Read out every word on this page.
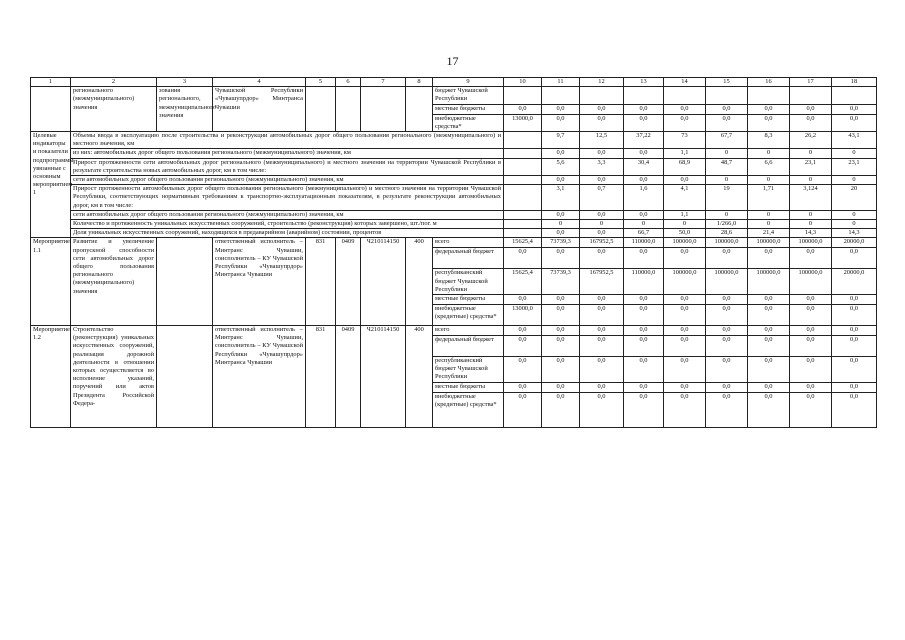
17
1	2	3	4	5	6	7	8	9	10	11	12	13	14	15	16	17	18	
	регионального (межмуниципального) значения	зования регионального, межмуниципального значения	Чувашской Республики «Чувашупрдор» Минтранса Чувашии					бюджет Чувашской Республики										
								местные бюджеты	0,0	0,0	0,0	0,0	0,0	0,0	0,0	0,0	0,0	
								внебюджетные средства*	13000,0	0,0	0,0	0,0	0,0	0,0	0,0	0,0	0,0	
Целевые индикаторы и показатели подпрограммы, увязанные с основным мероприятием 1	Объемы ввода в эксплуатацию после строительства и реконструкции автомобильных дорог общего пользования регионального (межмуниципального) и местного значения, км									9,7	12,5	37,22	73	67,7	8,3	26,2	43,1	
	из них: автомобильных дорог общего пользования регионального (межмуниципального) значения, км									0,0	0,0	0,0	1,1	0	0	0	0	
	Прирост протяженности сети автомобильных дорог регионального (межмуниципального) и местного значения на территории Чувашской Республики в результате строительства новых автомобильных дорог, км в том числе:									5,6	3,3	30,4	68,9	48,7	6,6	23,1	23,1	
	сети автомобильных дорог общего пользования регионального (межмуниципального) значения, км									0,0	0,0	0,0	0,0	0	0	0	0	
	Прирост протяженности автомобильных дорог общего пользования регионального (межмуниципального) и местного значения на территории Чувашской Республики, соответствующих нормативным требованиям к транспортно-эксплуатационным показателям, в результате реконструкции автомобильных дорог, км в том числе:									3,1	0,7	1,6	4,1	19	1,71	3,124	20	
	сети автомобильных дорог общего пользования регионального (межмуниципального) значения, км									0,0	0,0	0,0	1,1	0	0	0	0	
	Количество и протяженность уникальных искусственных сооружений, строительство (реконструкция) которых завершено, шт./пог. м									0	0	0	0	1/266,0	0	0	0	
	Доля уникальных искусственных сооружений, находящихся в предаварийном (аварийном) состоянии, процентов									0,0	0,0	66,7	50,0	28,6	21,4	14,3	14,3	
Мероприятие 1.1	Развитие и увеличение пропускной способности сети автомобильных дорог общего пользования регионального (межмуниципального) значения		ответственный исполнитель – Минтранс Чувашии, соисполнитель – КУ Чувашской Республики «Чувашупрдор» Минтранса Чувашии	831	0409	Ч210114150	400	всего	15625,4	73739,3	167952,5	110000,0	100000,0	100000,0	100000,0	100000,0	20000,0	
								федеральный бюджет	0,0	0,0	0,0	0,0	0,0	0,0	0,0	0,0	0,0	
								республиканский бюджет Чувашской Республики	15625,4	73739,3	167952,5	110000,0	100000,0	100000,0	100000,0	100000,0	20000,0	
								местные бюджеты	0,0	0,0	0,0	0,0	0,0	0,0	0,0	0,0	0,0	
								внебюджетные (кредитные) средства*	13000,0	0,0	0,0	0,0	0,0	0,0	0,0	0,0	0,0	
Мероприятие 1.2	Строительство (реконструкция) уникальных искусственных сооружений, реализация дорожной деятельности в отношении которых осуществляется во исполнение указаний, поручений или актов Президента Российской Федера-		ответственный исполнитель – Минтранс Чувашии, соисполнитель – КУ Чувашской Республики «Чувашупрдор» Минтранса Чувашии	831	0409	Ч210114150	400	всего	0,0	0,0	0,0	0,0	0,0	0,0	0,0	0,0	0,0	
								федеральный бюджет	0,0	0,0	0,0	0,0	0,0	0,0	0,0	0,0	0,0	
								республиканский бюджет Чувашской Республики	0,0	0,0	0,0	0,0	0,0	0,0	0,0	0,0	0,0	
								местные бюджеты	0,0	0,0	0,0	0,0	0,0	0,0	0,0	0,0	0,0	
								внебюджетные (кредитные) средства*	0,0	0,0	0,0	0,0	0,0	0,0	0,0	0,0	0,0	
